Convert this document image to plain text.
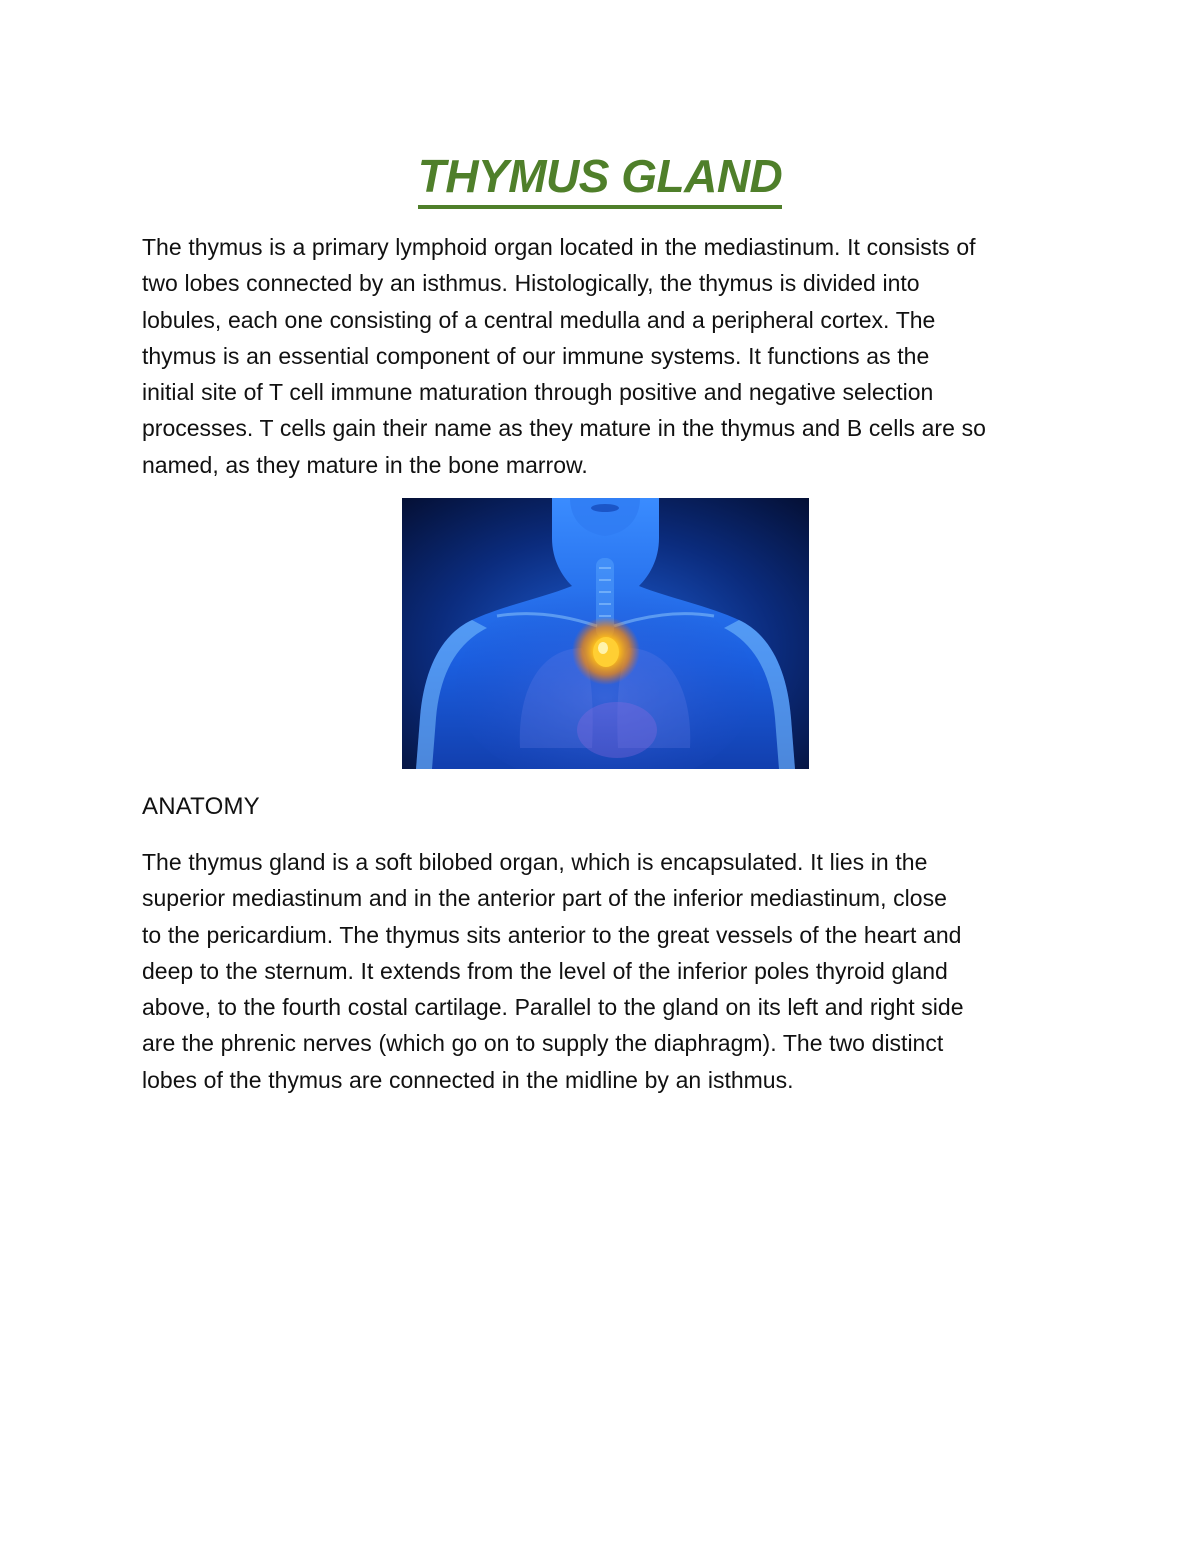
THYMUS GLAND

The thymus is a primary lymphoid organ located in the mediastinum. It consists of
two lobes connected by an isthmus. Histologically, the thymus is divided into
lobules, each one consisting of a central medulla and a peripheral cortex. The
thymus is an essential component of our immune systems. It functions as the
initial site of T cell immune maturation through positive and negative selection
processes. T cells gain their name as they mature in the thymus and B cells are so
named, as they mature in the bone marrow.

ANATOMY

The thymus gland is a soft bilobed organ, which is encapsulated. It lies in the
superior mediastinum and in the anterior part of the inferior mediastinum, close
to the pericardium. The thymus sits anterior to the great vessels of the heart and
deep to the sternum. It extends from the level of the inferior poles thyroid gland
above, to the fourth costal cartilage. Parallel to the gland on its left and right side
are the phrenic nerves (which go on to supply the diaphragm). The two distinct
lobes of the thymus are connected in the midline by an isthmus.
